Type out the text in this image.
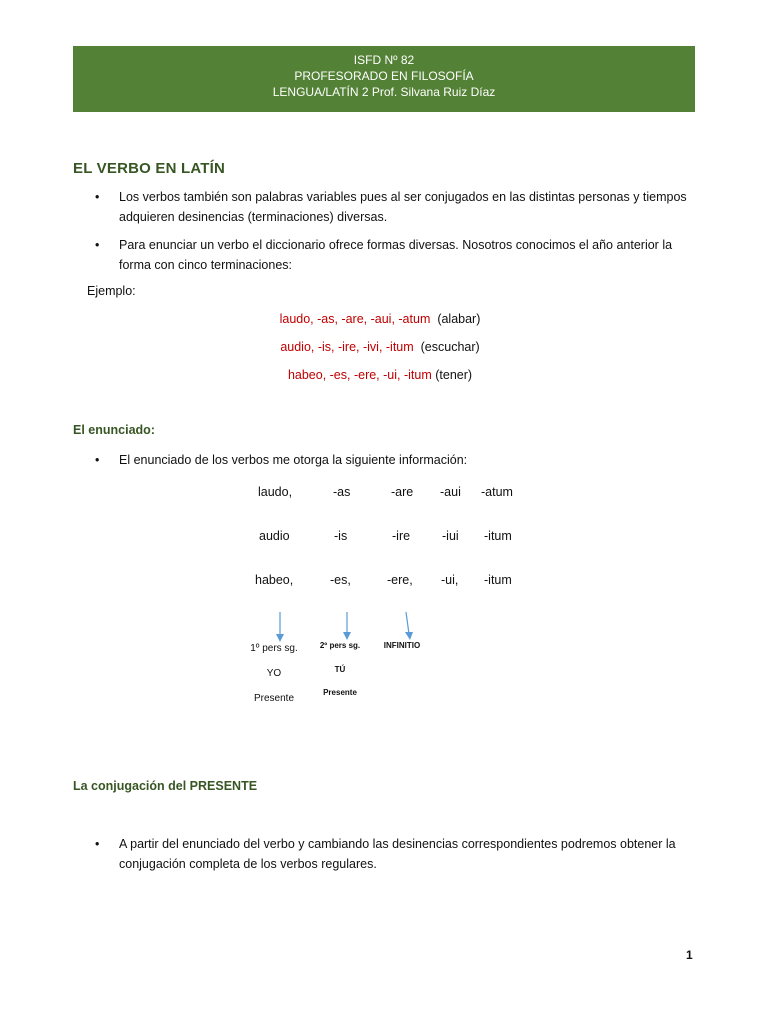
ISFD Nº 82
PROFESORADO EN FILOSOFÍA
LENGUA/LATÍN 2 Prof. Silvana Ruiz Díaz
EL VERBO EN LATÍN
• Los verbos también son palabras variables pues al ser conjugados en las distintas personas y tiempos adquieren desinencias (terminaciones) diversas.
• Para enunciar un verbo el diccionario ofrece formas diversas. Nosotros conocimos el año anterior la forma con cinco terminaciones:
Ejemplo:
laudo, -as, -are, -aui, -atum (alabar)
audio, -is, -ire, -ivi, -itum (escuchar)
habeo, -es, -ere, -ui, -itum (tener)
El enunciado:
• El enunciado de los verbos me otorga la siguiente información:
laudo,	-as	-are -aui -atum
audio	-is	-ire	-iui -itum
habeo,	-es,	-ere, -ui, -itum
1º pers sg.
YO
Presente
2º pers sg.
TÚ
Presente
INFINITIO
La conjugación del PRESENTE
• A partir del enunciado del verbo y cambiando las desinencias correspondientes podremos obtener la conjugación completa de los verbos regulares.
1
